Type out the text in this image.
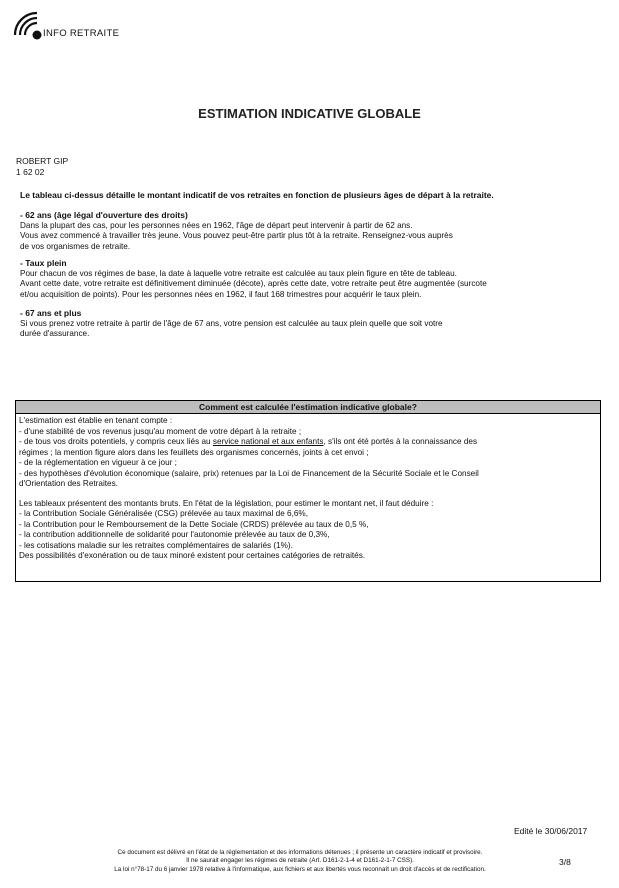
INFO RETRAITE
ESTIMATION INDICATIVE GLOBALE
ROBERT GIP
1 62 02
Le tableau ci-dessus détaille le montant indicatif de vos retraites en fonction de plusieurs âges de départ à la retraite.
- 62 ans (âge légal d'ouverture des droits)
Dans la plupart des cas, pour les personnes nées en 1962, l'âge de départ peut intervenir à partir de 62 ans.
Vous avez commencé à travailler très jeune. Vous pouvez peut-être partir plus tôt à la retraite. Renseignez-vous auprès
de vos organismes de retraite.
- Taux plein
Pour chacun de vos régimes de base, la date à laquelle votre retraite est calculée au taux plein figure en tête de tableau.
Avant cette date, votre retraite est définitivement diminuée (décote), après cette date, votre retraite peut être augmentée (surcote
et/ou acquisition de points). Pour les personnes nées en 1962, il faut 168 trimestres pour acquérir le taux plein.
- 67 ans et plus
Si vous prenez votre retraite à partir de l'âge de 67 ans, votre pension est calculée au taux plein quelle que soit votre
durée d'assurance.
Comment est calculée l'estimation indicative globale?

L'estimation est établie en tenant compte :

- d'une stabilité de vos revenus jusqu'au moment de votre départ à la retraite ;

- de tous vos droits potentiels, y compris ceux liés au service national et aux enfants, s'ils ont été portés à la connaissance des

régimes ; la mention figure alors dans les feuillets des organismes concernés, joints à cet envoi ;

- de la réglementation en vigueur à ce jour ;

- des hypothèses d'évolution économique (salaire, prix) retenues par la Loi de Financement de la Sécurité Sociale et le Conseil

d'Orientation des Retraites.

Les tableaux présentent des montants bruts. En l'état de la législation, pour estimer le montant net, il faut déduire :

- la Contribution Sociale Généralisée (CSG) prélevée au taux maximal de 6,6%,

- la Contribution pour le Remboursement de la Dette Sociale (CRDS) prélevée au taux de 0,5 %,

- la contribution additionnelle de solidarité pour l'autonomie prélevée au taux de 0,3%,

- les cotisations maladie sur les retraites complémentaires de salariés (1%).

Des possibilités d'exonération ou de taux minoré existent pour certaines catégories de retraités.

Edité le 30/06/2017
Ce document est délivré en l'état de la réglementation et des informations détenues ; il présente un caractère indicatif et provisoire.
Il ne saurait engager les régimes de retraite (Art. D161-2-1-4 et D161-2-1-7 CSS).
La loi n°78-17 du 6 janvier 1978 relative à l'informatique, aux fichiers et aux libertés vous reconnaît un droit d'accès et de rectification.
3/8
